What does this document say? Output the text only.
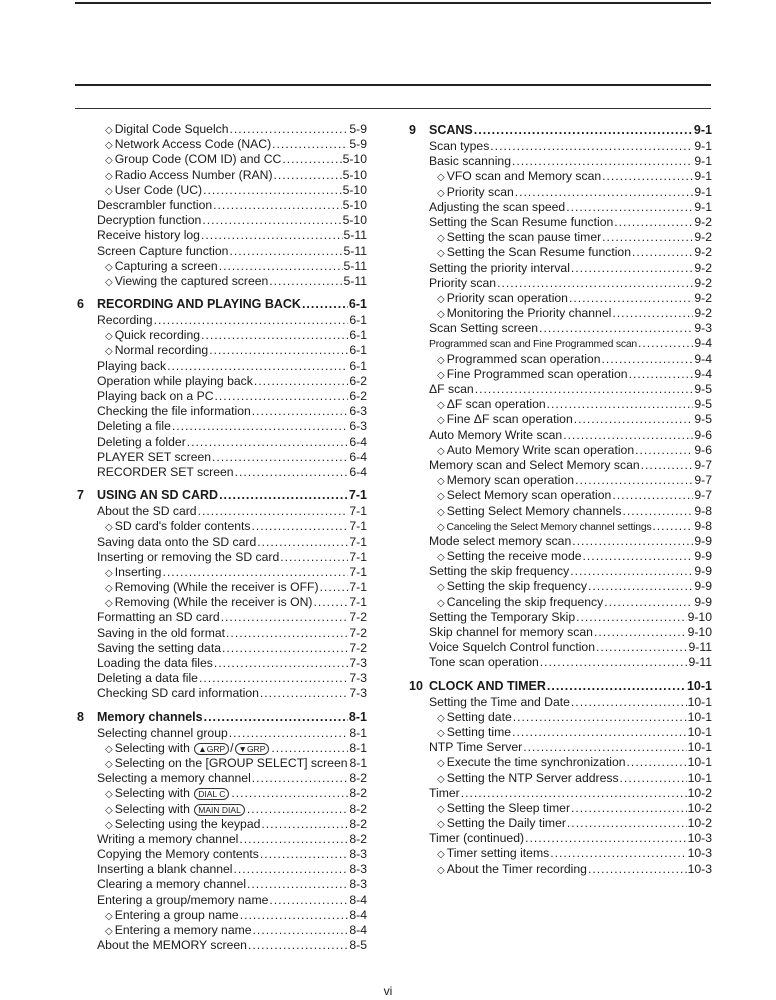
◇ Digital Code Squelch .....	5-9
◇ Network Access Code (NAC) .....	5-9
◇ Group Code (COM ID) and CC .....	5-10
◇ Radio Access Number (RAN) .....	5-10
◇ User Code (UC) .....	5-10
Descrambler function .....	5-10
Decryption function .....	5-10
Receive history log .....	5-11
Screen Capture function .....	5-11
◇ Capturing a screen .....	5-11
◇ Viewing the captured screen .....	5-11
6	RECORDING AND PLAYING BACK .....	6-1
Recording .....	6-1
◇ Quick recording .....	6-1
◇ Normal recording .....	6-1
Playing back .....	6-1
Operation while playing back .....	6-2
Playing back on a PC .....	6-2
Checking the file information .....	6-3
Deleting a file .....	6-3
Deleting a folder .....	6-4
PLAYER SET screen .....	6-4
RECORDER SET screen .....	6-4
7	USING AN SD CARD .....	7-1
About the SD card .....	7-1
◇ SD card's folder contents .....	7-1
Saving data onto the SD card .....	7-1
Inserting or removing the SD card .....	7-1
◇ Inserting .....	7-1
◇ Removing (While the receiver is OFF) .....	7-1
◇ Removing (While the receiver is ON) .....	7-1
Formatting an SD card .....	7-2
Saving in the old format .....	7-2
Saving the setting data .....	7-2
Loading the data files .....	7-3
Deleting a data file .....	7-3
Checking SD card information .....	7-3
8	Memory channels .....	8-1
Selecting channel group .....	8-1
◇ Selecting with ▲GRP / ▼GRP .....	8-1
◇ Selecting on the [GROUP SELECT] screen 8-1
Selecting a memory channel .....	8-2
◇ Selecting with DIAL C .....	8-2
◇ Selecting with MAIN DIAL .....	8-2
◇ Selecting using the keypad .....	8-2
Writing a memory channel .....	8-2
Copying the Memory contents .....	8-3
Inserting a blank channel .....	8-3
Clearing a memory channel .....	8-3
Entering a group/memory name .....	8-4
◇ Entering a group name .....	8-4
◇ Entering a memory name .....	8-4
About the MEMORY screen .....	8-5
9	SCANS .....	9-1
Scan types .....	9-1
Basic scanning .....	9-1
◇ VFO scan and Memory scan .....	9-1
◇ Priority scan .....	9-1
Adjusting the scan speed .....	9-1
Setting the Scan Resume function .....	9-2
◇ Setting the scan pause timer .....	9-2
◇ Setting the Scan Resume function .....	9-2
Setting the priority interval .....	9-2
Priority scan .....	9-2
◇ Priority scan operation .....	9-2
◇ Monitoring the Priority channel .....	9-2
Scan Setting screen .....	9-3
Programmed scan and Fine Programmed scan .....	9-4
◇ Programmed scan operation .....	9-4
◇ Fine Programmed scan operation .....	9-4
ΔF scan .....	9-5
◇ ΔF scan operation .....	9-5
◇ Fine ΔF scan operation .....	9-5
Auto Memory Write scan .....	9-6
◇ Auto Memory Write scan operation .....	9-6
Memory scan and Select Memory scan .....	9-7
◇ Memory scan operation .....	9-7
◇ Select Memory scan operation .....	9-7
◇ Setting Select Memory channels .....	9-8
◇ Canceling the Select Memory channel settings .....	9-8
Mode select memory scan .....	9-9
◇ Setting the receive mode .....	9-9
Setting the skip frequency .....	9-9
◇ Setting the skip frequency .....	9-9
◇ Canceling the skip frequency .....	9-9
Setting the Temporary Skip .....	9-10
Skip channel for memory scan .....	9-10
Voice Squelch Control function .....	9-11
Tone scan operation .....	9-11
10 CLOCK AND TIMER .....	10-1
Setting the Time and Date .....	10-1
◇ Setting date .....	10-1
◇ Setting time .....	10-1
NTP Time Server .....	10-1
◇ Execute the time synchronization .....	10-1
◇ Setting the NTP Server address .....	10-1
Timer .....	10-2
◇ Setting the Sleep timer .....	10-2
◇ Setting the Daily timer .....	10-2
Timer (continued) .....	10-3
◇ Timer setting items .....	10-3
◇ About the Timer recording .....	10-3
vi
